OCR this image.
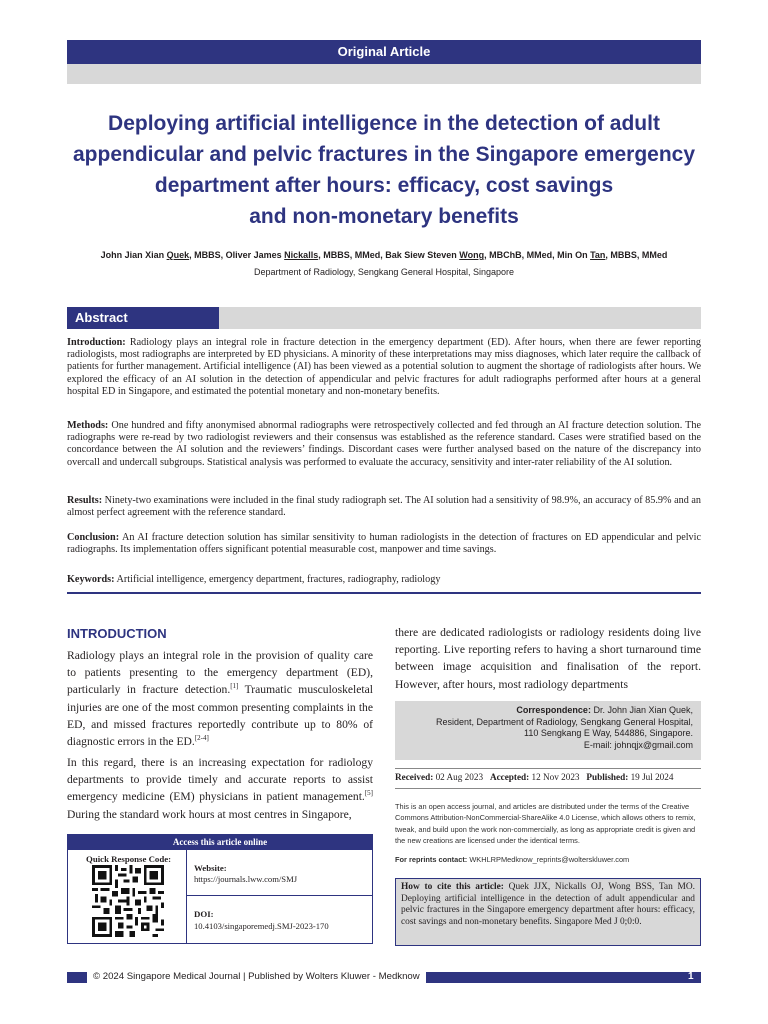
Original Article
Deploying artificial intelligence in the detection of adult
appendicular and pelvic fractures in the Singapore emergency
department after hours: efficacy, cost savings
and non-monetary benefits
John Jian Xian Quek, MBBS, Oliver James Nickalls, MBBS, MMed, Bak Siew Steven Wong, MBChB, MMed, Min On Tan, MBBS, MMed
Department of Radiology, Sengkang General Hospital, Singapore
Abstract
Introduction: Radiology plays an integral role in fracture detection in the emergency department (ED). After hours, when there are fewer reporting radiologists, most radiographs are interpreted by ED physicians. A minority of these interpretations may miss diagnoses, which later require the callback of patients for further management. Artificial intelligence (AI) has been viewed as a potential solution to augment the shortage of radiologists after hours. We explored the efficacy of an AI solution in the detection of appendicular and pelvic fractures for adult radiographs performed after hours at a general hospital ED in Singapore, and estimated the potential monetary and non-monetary benefits.
Methods: One hundred and fifty anonymised abnormal radiographs were retrospectively collected and fed through an AI fracture detection solution. The radiographs were re-read by two radiologist reviewers and their consensus was established as the reference standard. Cases were stratified based on the concordance between the AI solution and the reviewers’ findings. Discordant cases were further analysed based on the nature of the discrepancy into overcall and undercall subgroups. Statistical analysis was performed to evaluate the accuracy, sensitivity and inter-rater reliability of the AI solution.
Results: Ninety-two examinations were included in the final study radiograph set. The AI solution had a sensitivity of 98.9%, an accuracy of 85.9% and an almost perfect agreement with the reference standard.
Conclusion: An AI fracture detection solution has similar sensitivity to human radiologists in the detection of fractures on ED appendicular and pelvic radiographs. Its implementation offers significant potential measurable cost, manpower and time savings.
Keywords: Artificial intelligence, emergency department, fractures, radiography, radiology
INTRODUCTION
Radiology plays an integral role in the provision of quality care to patients presenting to the emergency department (ED), particularly in fracture detection.[1] Traumatic musculoskeletal injuries are one of the most common presenting complaints in the ED, and missed fractures reportedly contribute up to 80% of diagnostic errors in the ED.[2-4]
In this regard, there is an increasing expectation for radiology departments to provide timely and accurate reports to assist emergency medicine (EM) physicians in patient management.[5] During the standard work hours at most centres in Singapore,
there are dedicated radiologists or radiology residents doing live reporting. Live reporting refers to having a short turnaround time between image acquisition and finalisation of the report. However, after hours, most radiology departments
Correspondence: Dr. John Jian Xian Quek,
Resident, Department of Radiology, Sengkang General Hospital,
110 Sengkang E Way, 544886, Singapore.
E-mail: johnqjx@gmail.com
Received: 02 Aug 2023 Accepted: 12 Nov 2023 Published: 19 Jul 2024
This is an open access journal, and articles are distributed under the terms of the Creative Commons Attribution-NonCommercial-ShareAlike 4.0 License, which allows others to remix, tweak, and build upon the work non-commercially, as long as appropriate credit is given and the new creations are licensed under the identical terms.
For reprints contact: WKHLRPMedknow_reprints@wolterskluwer.com
How to cite this article: Quek JJX, Nickalls OJ, Wong BSS, Tan MO. Deploying artificial intelligence in the detection of adult appendicular and pelvic fractures in the Singapore emergency department after hours: efficacy, cost savings and non-monetary benefits. Singapore Med J 0;0:0.
Access this article online
Quick Response Code:
Website:
https://journals.lww.com/SMJ
DOI:
10.4103/singaporemedj.SMJ-2023-170
© 2024 Singapore Medical Journal | Published by Wolters Kluwer - Medknow	1
